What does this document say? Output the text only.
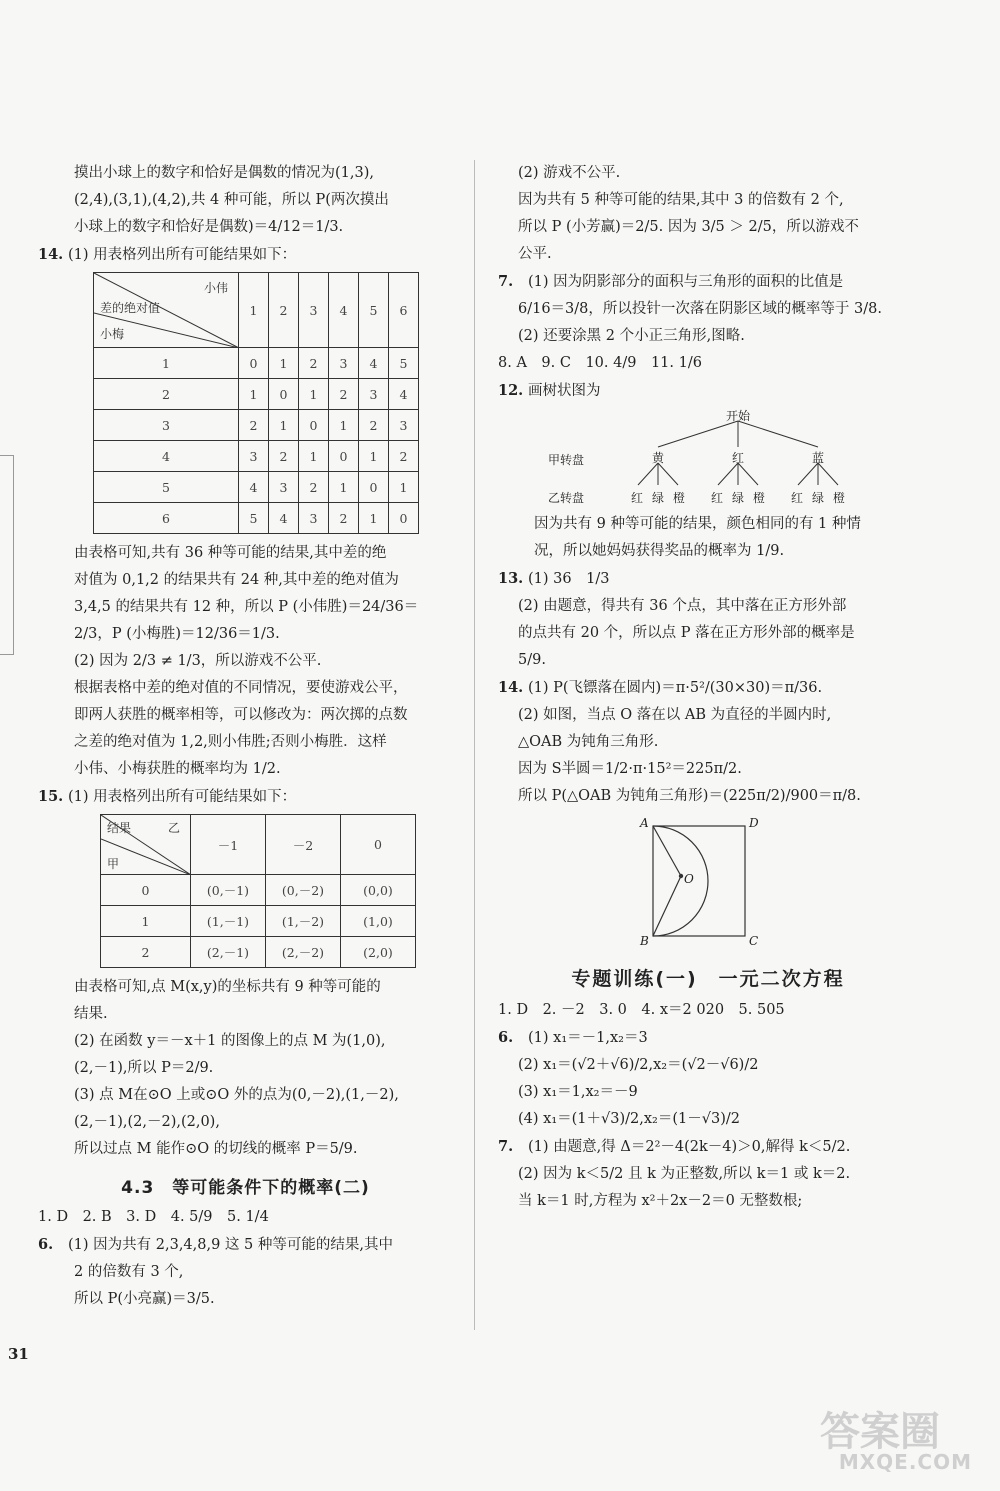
摸出小球上的数字和恰好是偶数的情况为(1,3),
(2,4),(3,1),(4,2),共 4 种可能，所以 P(两次摸出
小球上的数字和恰好是偶数)＝4/12＝1/3.
14. (1) 用表格列出所有可能结果如下：
小伟
差的绝对值
小梅	1	2	3	4	5	6
1	0	1	2	3	4	5
2	1	0	1	2	3	4
3	2	1	0	1	2	3
4	3	2	1	0	1	2
5	4	3	2	1	0	1
6	5	4	3	2	1	0
由表格可知,共有 36 种等可能的结果,其中差的绝
对值为 0,1,2 的结果共有 24 种,其中差的绝对值为
3,4,5 的结果共有 12 种，所以 P (小伟胜)＝24/36＝
2/3，P (小梅胜)＝12/36＝1/3.
(2) 因为 2/3 ≠ 1/3，所以游戏不公平.
根据表格中差的绝对值的不同情况，要使游戏公平，
即两人获胜的概率相等，可以修改为：两次掷的点数
之差的绝对值为 1,2,则小伟胜;否则小梅胜．这样
小伟、小梅获胜的概率均为 1/2.
15. (1) 用表格列出所有可能结果如下：
乙
结果
甲	－1	－2	0
0	(0,－1)	(0,－2)	(0,0)
1	(1,－1)	(1,－2)	(1,0)
2	(2,－1)	(2,－2)	(2,0)
由表格可知,点 M(x,y)的坐标共有 9 种等可能的
结果.
(2) 在函数 y＝－x＋1 的图像上的点 M 为(1,0),
(2,－1),所以 P＝2/9.
(3) 点 M在⊙O 上或⊙O 外的点为(0,－2),(1,－2),
(2,－1),(2,－2),(2,0),
所以过点 M 能作⊙O 的切线的概率 P＝5/9.
4.3　等可能条件下的概率(二)
1. D　2. B　3. D　4. 5/9　5. 1/4
6. (1) 因为共有 2,3,4,8,9 这 5 种等可能的结果,其中
2 的倍数有 3 个,
所以 P(小亮赢)＝3/5.
(2) 游戏不公平.
因为共有 5 种等可能的结果,其中 3 的倍数有 2 个,
所以 P (小芳赢)＝2/5. 因为 3/5 ＞ 2/5，所以游戏不
公平.
7. (1) 因为阴影部分的面积与三角形的面积的比值是
6/16＝3/8，所以投针一次落在阴影区域的概率等于 3/8.
(2) 还要涂黑 2 个小正三角形,图略.
8. A　9. C　10. 4/9　11. 1/6
12. 画树状图为
开始
甲转盘
乙转盘
黄	红	蓝
红 绿 橙 红 绿 橙 红 绿 橙
因为共有 9 种等可能的结果，颜色相同的有 1 种情
况，所以她妈妈获得奖品的概率为 1/9.
13. (1) 36　1/3
(2) 由题意，得共有 36 个点，其中落在正方形外部
的点共有 20 个，所以点 P 落在正方形外部的概率是
5/9.
14. (1) P(飞镖落在圆内)＝π·5²/(30×30)＝π/36.
(2) 如图，当点 O 落在以 AB 为直径的半圆内时,
△OAB 为钝角三角形.
因为 S半圆＝1/2·π·15²＝225π/2.
所以 P(△OAB 为钝角三角形)＝(225π/2)/900＝π/8.
A	D
O
B	C
专题训练(一)　一元二次方程
1. D　2. －2　3. 0　4. x＝2 020　5. 505
6. (1) x₁＝－1,x₂＝3
(2) x₁＝(√2＋√6)/2,x₂＝(√2－√6)/2
(3) x₁＝1,x₂＝－9
(4) x₁＝(1＋√3)/2,x₂＝(1－√3)/2
7. (1) 由题意,得 Δ＝2²－4(2k－4)＞0,解得 k＜5/2.
(2) 因为 k＜5/2 且 k 为正整数,所以 k＝1 或 k＝2.
当 k＝1 时,方程为 x²＋2x－2＝0 无整数根;
31
答案圈
MXQE.COM
